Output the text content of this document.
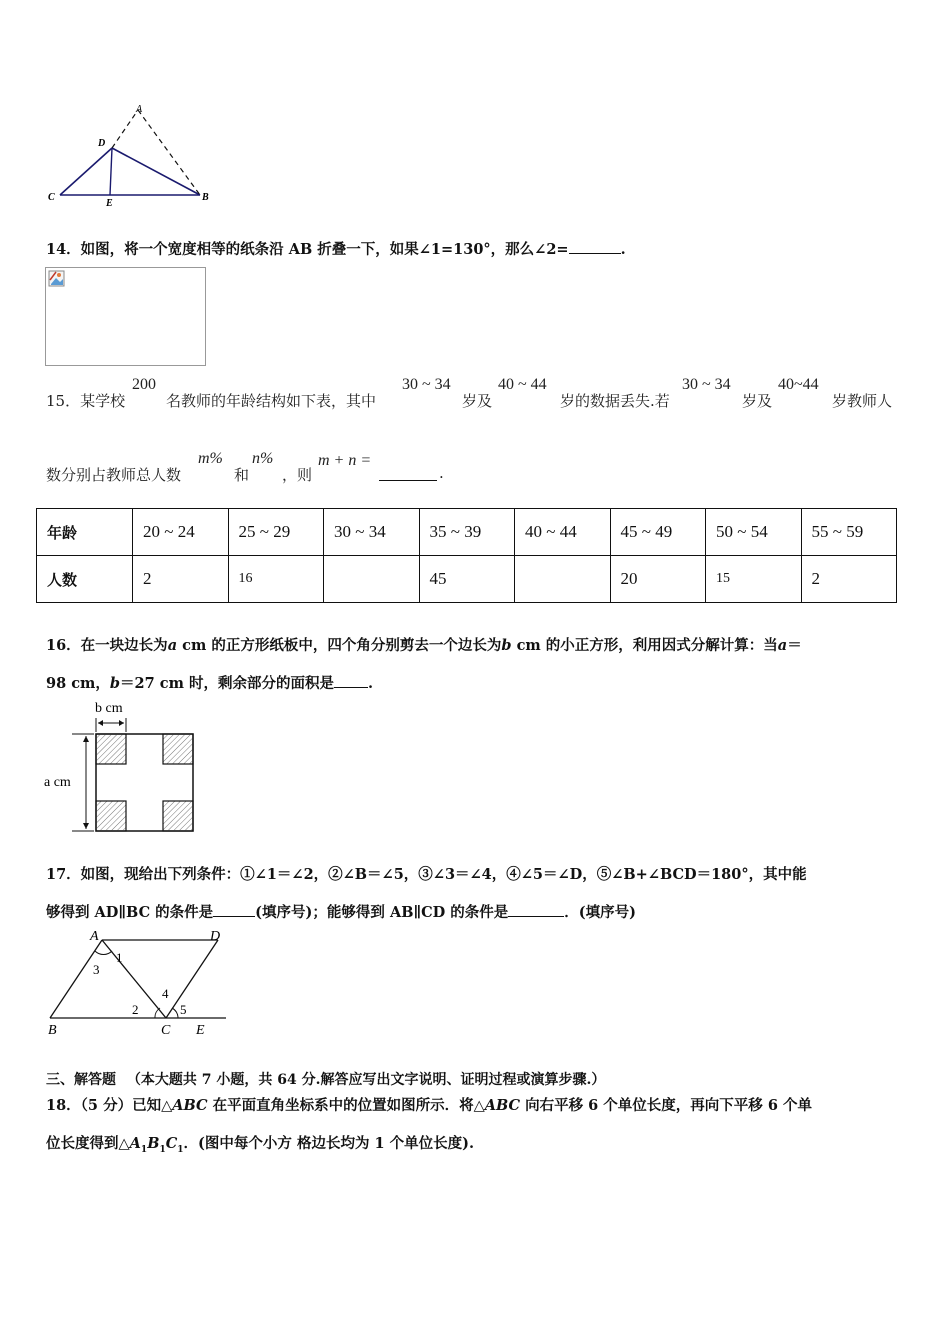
A
D
C
E
B
14．如图，将一个宽度相等的纸条沿 AB 折叠一下，如果∠1=130°，那么∠2=	.
15．某学校
200
名教师的年龄结构如下表，其中
30 ~ 34
岁及
40 ~ 44
岁的数据丢失.若
30 ~ 34
岁及
40~44
岁教师人
数分别占教师总人数
m%
和
n%
，则
m + n =
.
年龄	20 ~ 24	25 ~ 29	30 ~ 34	35 ~ 39	40 ~ 44	45 ~ 49	50 ~ 54	55 ~ 59
人数	2	16		45		20	15	2
16．在一块边长为a cm 的正方形纸板中，四个角分别剪去一个边长为b cm 的小正方形，利用因式分解计算：当a＝
98 cm，b＝27 cm 时，剩余部分的面积是 .
b cm
a cm
17．如图，现给出下列条件：①∠1＝∠2，②∠B＝∠5，③∠3＝∠4，④∠5＝∠D，⑤∠B+∠BCD＝180°，其中能
够得到 AD∥BC 的条件是	(填序号)；能够得到 AB∥CD 的条件是	．(填序号)
A	D
B	C E
1
2
3
4
5
三、解答题 （本大题共 7 小题，共 64 分.解答应写出文字说明、证明过程或演算步骤.）
18．（5 分）已知△ABC 在平面直角坐标系中的位置如图所示．将△ABC 向右平移 6 个单位长度，再向下平移 6 个单
位长度得到$\triangle A_1B_1C_1$．(图中每个小方 格边长均为 1 个单位长度).
